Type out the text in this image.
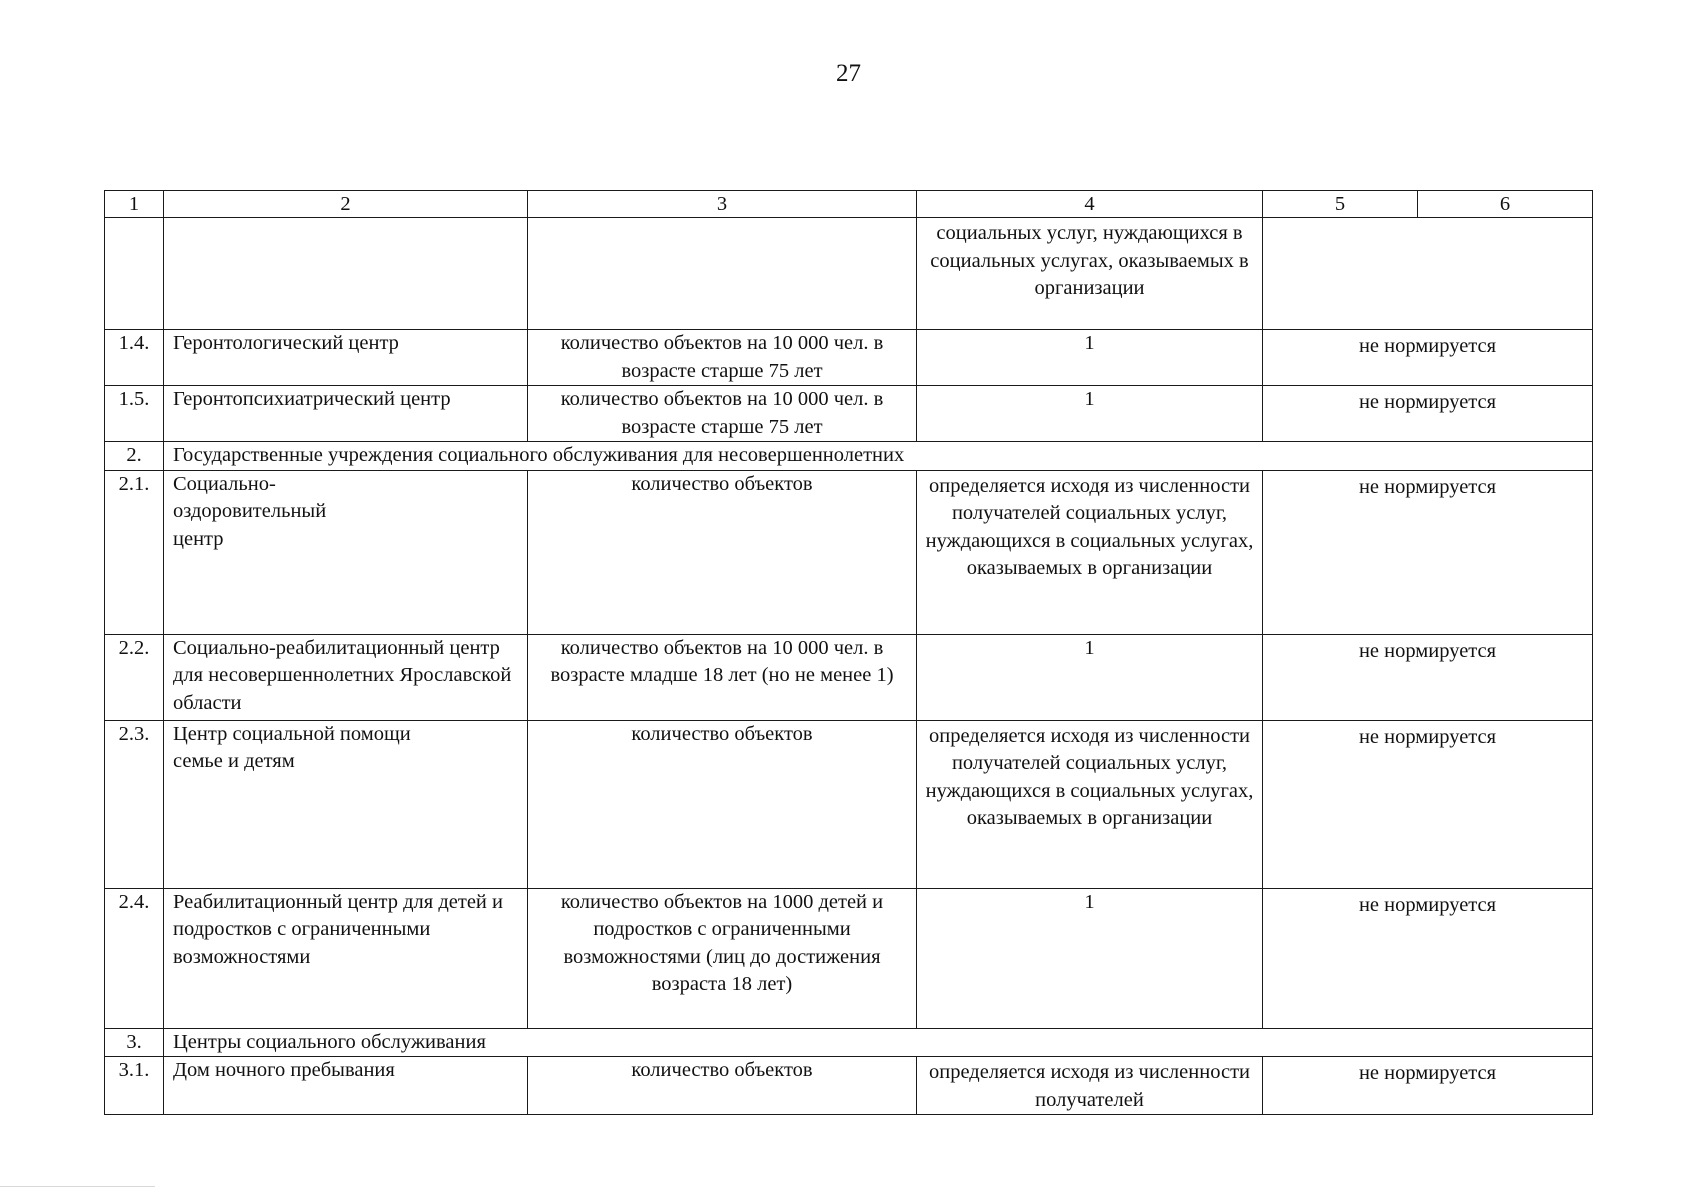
27
1	2	3	4	5	6
			социальных услуг, нуждающихся в социальных услугах, оказываемых в организации		
1.4.	Геронтологический центр	количество объектов на 10 000 чел. в возрасте старше 75 лет	1	не нормируется	
1.5.	Геронтопсихиатрический центр	количество объектов на 10 000 чел. в возрасте старше 75 лет	1	не нормируется	
2.	Государственные учреждения социального обслуживания для несовершеннолетних				
2.1.	Социально-оздоровительный центр	количество объектов	определяется исходя из численности получателей социальных услуг, нуждающихся в социальных услугах, оказываемых в организации	не нормируется	
2.2.	Социально-реабилитационный центр для несовершеннолетних Ярославской области	количество объектов на 10 000 чел. в возрасте младше 18 лет (но не менее 1)	1	не нормируется	
2.3.	Центр социальной помощи семье и детям	количество объектов	определяется исходя из численности получателей социальных услуг, нуждающихся в социальных услугах, оказываемых в организации	не нормируется	
2.4.	Реабилитационный центр для детей и подростков с ограниченными возможностями	количество объектов на 1000 детей и подростков с ограниченными возможностями (лиц до достижения возраста 18 лет)	1	не нормируется	
3.	Центры социального обслуживания				
3.1.	Дом ночного пребывания	количество объектов	определяется исходя из численности получателей	не нормируется	
